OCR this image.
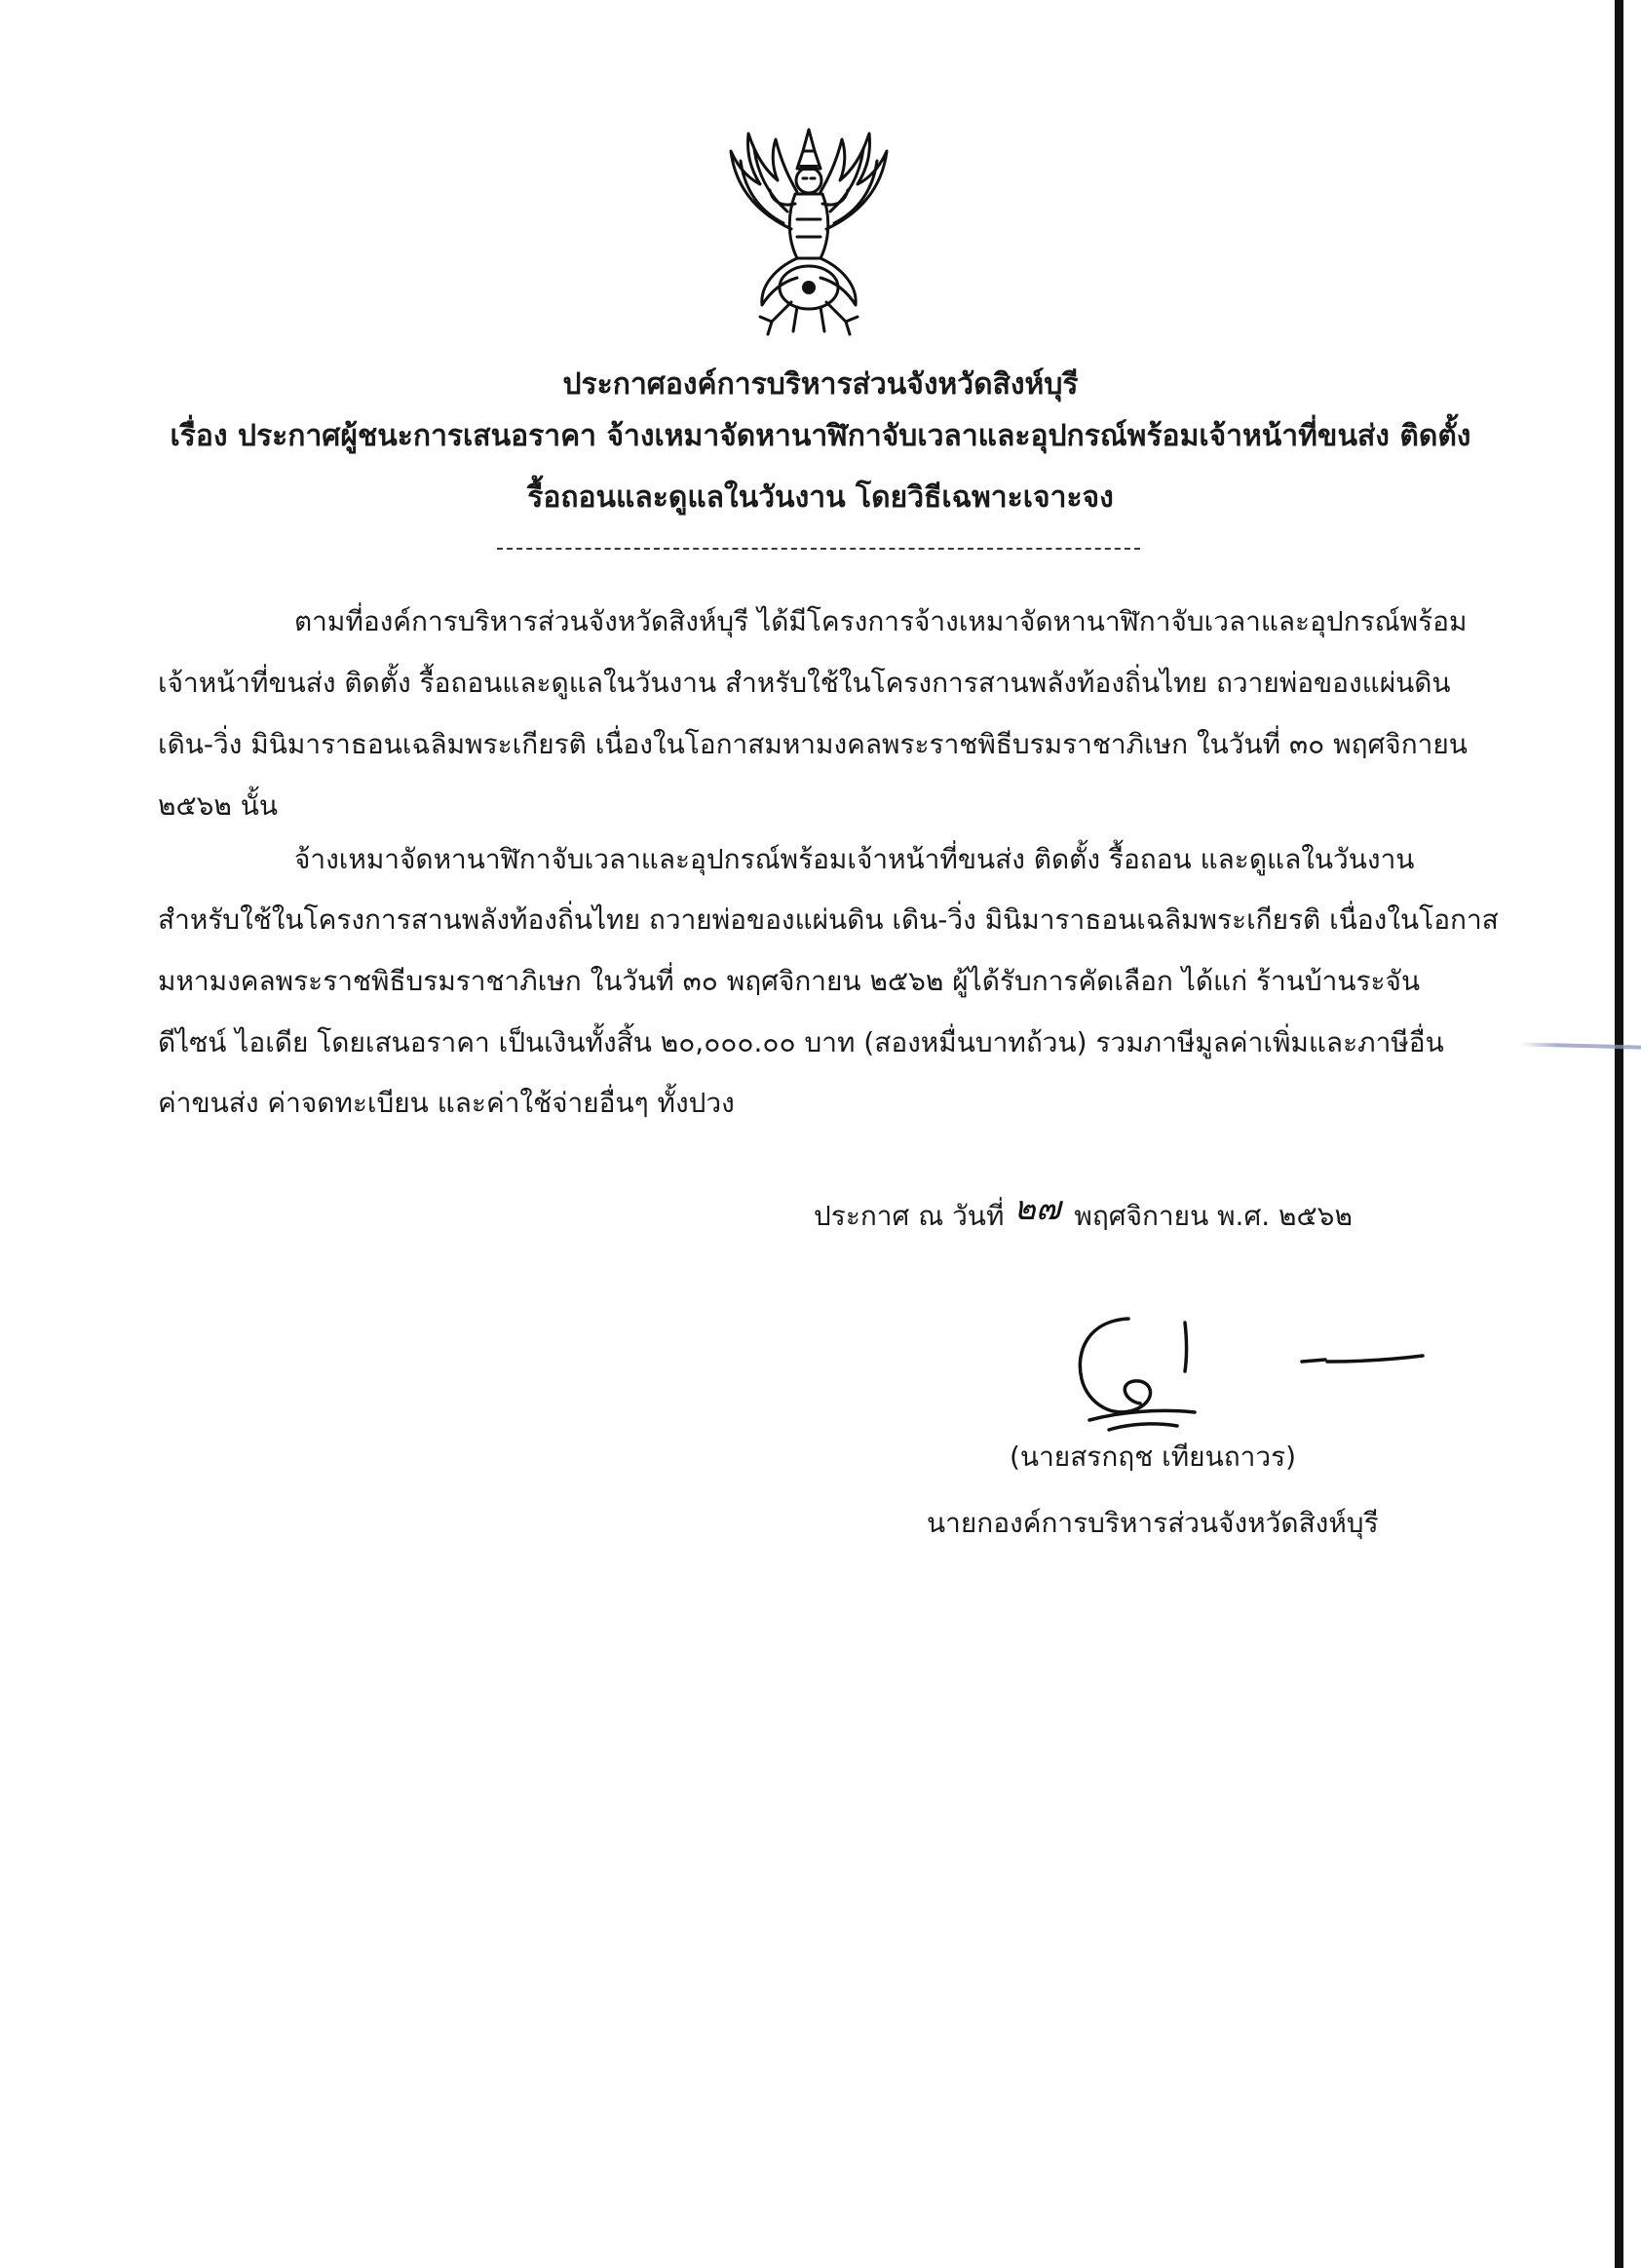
ประกาศองค์การบริหารส่วนจังหวัดสิงห์บุรี
เรื่อง ประกาศผู้ชนะการเสนอราคา จ้างเหมาจัดหานาฬิกาจับเวลาและอุปกรณ์พร้อมเจ้าหน้าที่ขนส่ง ติดตั้ง
รื้อถอนและดูแลในวันงาน โดยวิธีเฉพาะเจาะจง
ตามที่องค์การบริหารส่วนจังหวัดสิงห์บุรี ได้มีโครงการจ้างเหมาจัดหานาฬิกาจับเวลาและอุปกรณ์พร้อม
เจ้าหน้าที่ขนส่ง ติดตั้ง รื้อถอนและดูแลในวันงาน สำหรับใช้ในโครงการสานพลังท้องถิ่นไทย ถวายพ่อของแผ่นดิน
เดิน-วิ่ง มินิมาราธอนเฉลิมพระเกียรติ เนื่องในโอกาสมหามงคลพระราชพิธีบรมราชาภิเษก ในวันที่ ๓๐ พฤศจิกายน
๒๕๖๒ นั้น
จ้างเหมาจัดหานาฬิกาจับเวลาและอุปกรณ์พร้อมเจ้าหน้าที่ขนส่ง ติดตั้ง รื้อถอน และดูแลในวันงาน
สำหรับใช้ในโครงการสานพลังท้องถิ่นไทย ถวายพ่อของแผ่นดิน เดิน-วิ่ง มินิมาราธอนเฉลิมพระเกียรติ เนื่องในโอกาส
มหามงคลพระราชพิธีบรมราชาภิเษก ในวันที่ ๓๐ พฤศจิกายน ๒๕๖๒ ผู้ได้รับการคัดเลือก ได้แก่ ร้านบ้านระจัน
ดีไซน์ ไอเดีย โดยเสนอราคา เป็นเงินทั้งสิ้น ๒๐,๐๐๐.๐๐ บาท (สองหมื่นบาทถ้วน) รวมภาษีมูลค่าเพิ่มและภาษีอื่น
ค่าขนส่ง ค่าจดทะเบียน และค่าใช้จ่ายอื่นๆ ทั้งปวง
ประกาศ ณ วันที่ ๒๗ พฤศจิกายน พ.ศ. ๒๕๖๒
(นายสรกฤช เทียนถาวร)
นายกองค์การบริหารส่วนจังหวัดสิงห์บุรี
